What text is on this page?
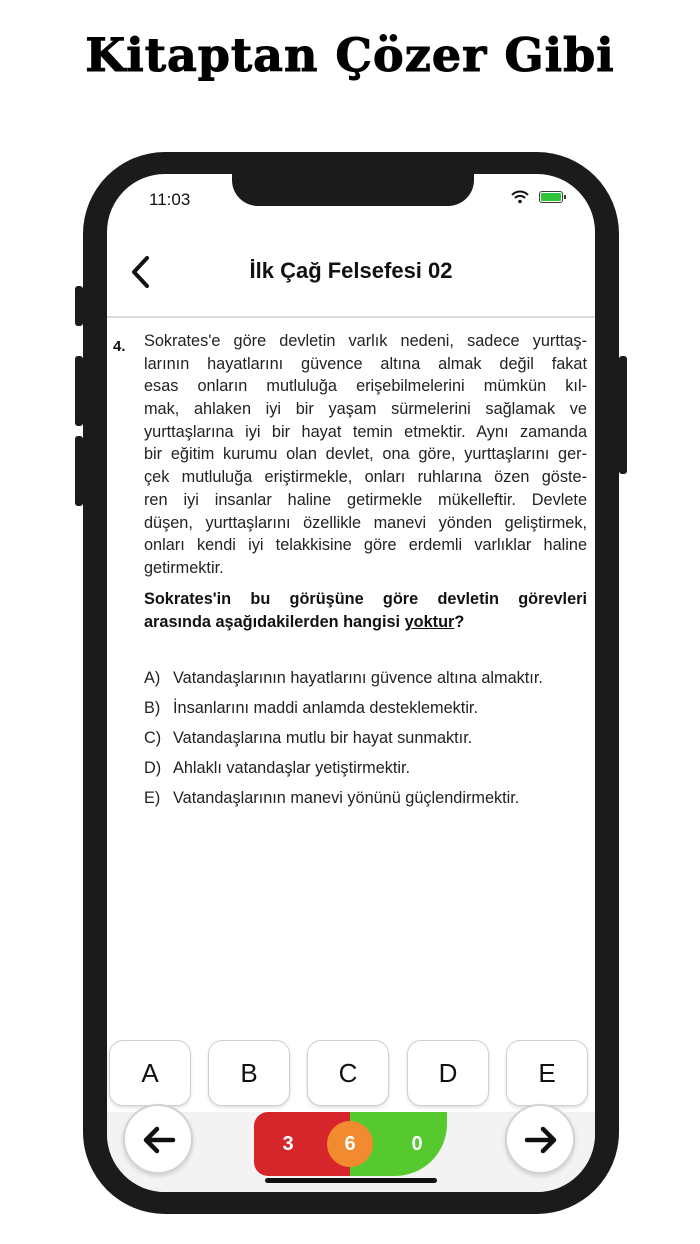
Kitaptan Çözer Gibi
11:03
İlk Çağ Felsefesi 02
4. Sokrates'e göre devletin varlık nedeni, sadece yurttaş-
larının hayatlarını güvence altına almak değil fakat
esas onların mutluluğa erişebilmelerini mümkün kıl-
mak, ahlaken iyi bir yaşam sürmelerini sağlamak ve
yurttaşlarına iyi bir hayat temin etmektir. Aynı zamanda
bir eğitim kurumu olan devlet, ona göre, yurttaşlarını ger-
çek mutluluğa eriştirmekle, onları ruhlarına özen göste-
ren iyi insanlar haline getirmekle mükelleftir. Devlete
düşen, yurttaşlarını özellikle manevi yönden geliştirmek,
onları kendi iyi telakkisine göre erdemli varlıklar haline
getirmektir.
Sokrates'in bu görüşüne göre devletin görevleri
arasında aşağıdakilerden hangisi yoktur?
A) Vatandaşlarının hayatlarını güvence altına almaktır.
B) İnsanlarını maddi anlamda desteklemektir.
C) Vatandaşlarına mutlu bir hayat sunmaktır.
D) Ahlaklı vatandaşlar yetiştirmektir.
E) Vatandaşlarının manevi yönünü güçlendirmektir.
A	B	C	D	E
3	6	0
